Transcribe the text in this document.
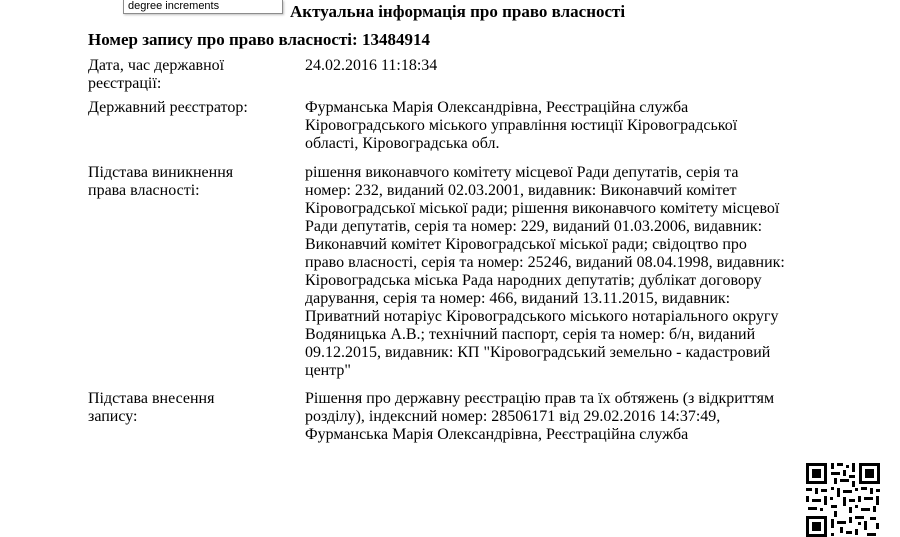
degree increments	Актуальна інформація про право власності
Номер запису про право власності: 13484914
Дата, час державної
реєстрації:
24.02.2016 11:18:34
Державний реєстратор:	Фурманська Марія Олександрівна, Реєстраційна служба
Кіровоградського міського управління юстиції Кіровоградської
області, Кіровоградська обл.
Підстава виникнення
права власності:
рішення виконавчого комітету місцевої Ради депутатів, серія та
номер: 232, виданий 02.03.2001, видавник: Виконавчий комітет
Кіровоградської міської ради; рішення виконавчого комітету місцевої
Ради депутатів, серія та номер: 229, виданий 01.03.2006, видавник:
Виконавчий комітет Кіровоградської міської ради; свідоцтво про
право власності, серія та номер: 25246, виданий 08.04.1998, видавник:
Кіровоградська міська Рада народних депутатів; дублікат договору
дарування, серія та номер: 466, виданий 13.11.2015, видавник:
Приватний нотаріус Кіровоградського міського нотаріального округу
Водяницька А.В.; технічний паспорт, серія та номер: б/н, виданий
09.12.2015, видавник: КП "Кіровоградський земельно - кадастровий
центр"
Підстава внесення
запису:
Рішення про державну реєстрацію прав та їх обтяжень (з відкриттям
розділу), індексний номер: 28506171 від 29.02.2016 14:37:49,
Фурманська Марія Олександрівна, Реєстраційна служба
